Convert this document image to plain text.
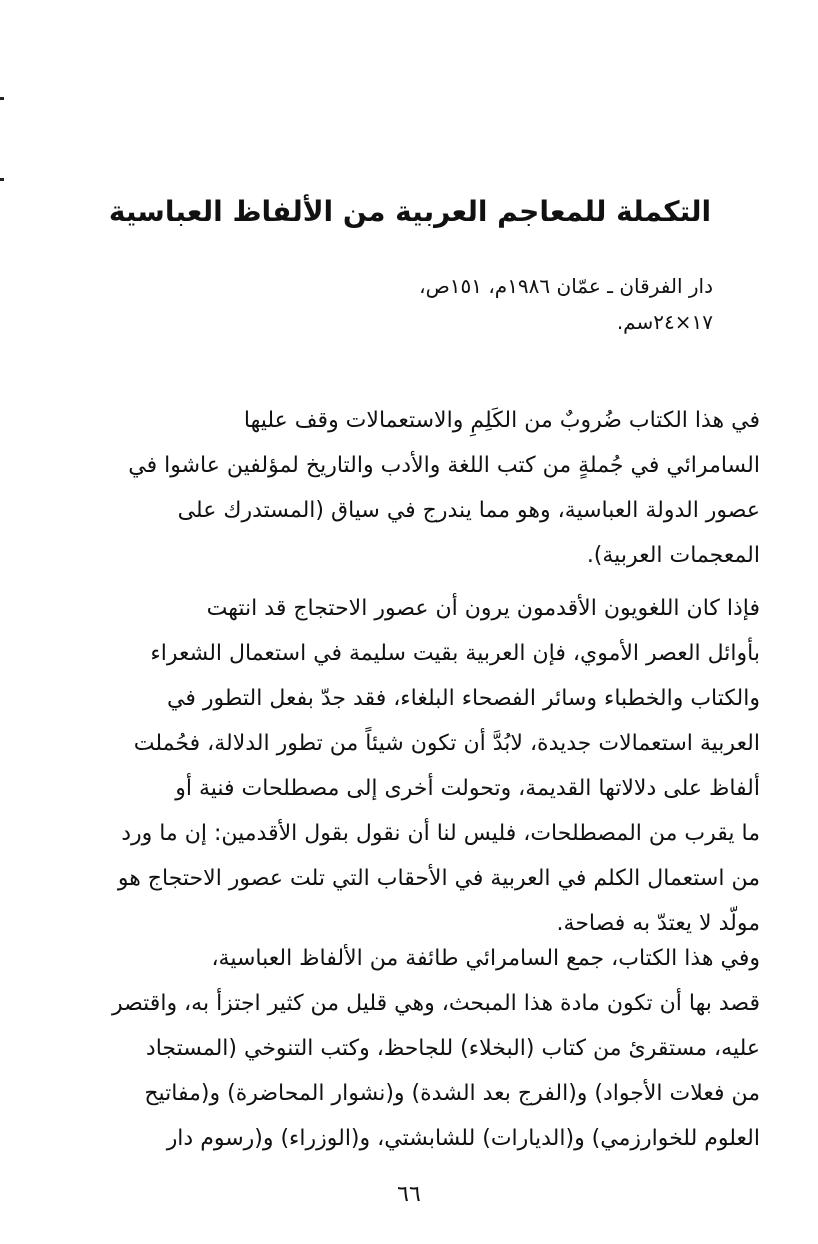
التكملة للمعاجم العربية من الألفاظ العباسية
دار الفرقان ـ عمّان ١٩٨٦م، ١٥١ص،
١٧×٢٤سم.
في هذا الكتاب ضُروبٌ من الكَلِمِ والاستعمالات وقف عليها
السامرائي في جُملةٍ من كتب اللغة والأدب والتاريخ لمؤلفين عاشوا في
عصور الدولة العباسية، وهو مما يندرج في سياق (المستدرك على
المعجمات العربية).
فإذا كان اللغويون الأقدمون يرون أن عصور الاحتجاج قد انتهت
بأوائل العصر الأموي، فإن العربية بقيت سليمة في استعمال الشعراء
والكتاب والخطباء وسائر الفصحاء البلغاء، فقد جدّ بفعل التطور في
العربية استعمالات جديدة، لابُدَّ أن تكون شيئاً من تطور الدلالة، فحُملت
ألفاظ على دلالاتها القديمة، وتحولت أخرى إلى مصطلحات فنية أو
ما يقرب من المصطلحات، فليس لنا أن نقول بقول الأقدمين: إن ما ورد
من استعمال الكلم في العربية في الأحقاب التي تلت عصور الاحتجاج هو
مولّد لا يعتدّ به فصاحة.
وفي هذا الكتاب، جمع السامرائي طائفة من الألفاظ العباسية،
قصد بها أن تكون مادة هذا المبحث، وهي قليل من كثير اجتزأ به، واقتصر
عليه، مستقرئ من كتاب (البخلاء) للجاحظ، وكتب التنوخي (المستجاد
من فعلات الأجواد) و(الفرج بعد الشدة) و(نشوار المحاضرة) و(مفاتيح
العلوم للخوارزمي) و(الديارات) للشابشتي، و(الوزراء) و(رسوم دار
٦٦
